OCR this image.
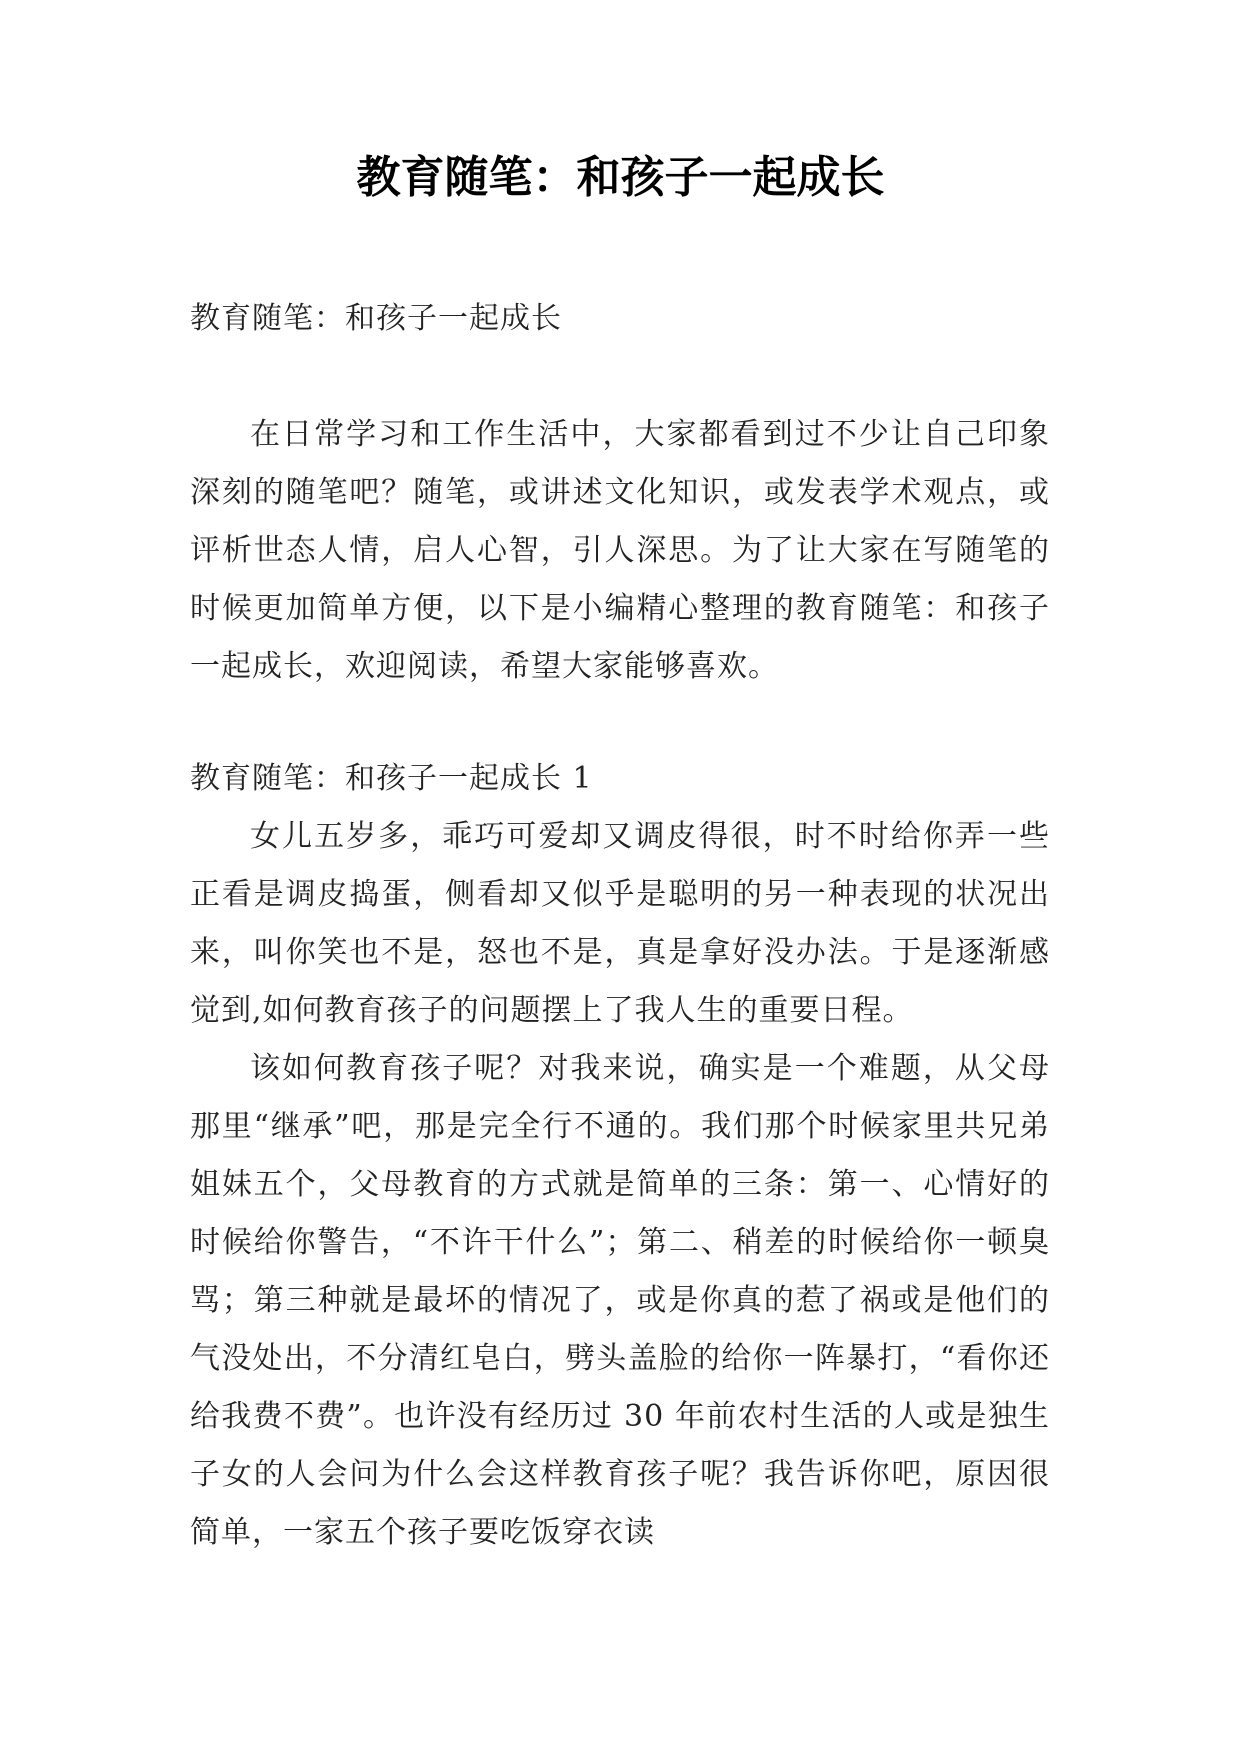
教育随笔：和孩子一起成长

教育随笔：和孩子一起成长

在日常学习和工作生活中，大家都看到过不少让自己印象深刻的随笔吧？随笔，或讲述文化知识，或发表学术观点，或评析世态人情，启人心智，引人深思。为了让大家在写随笔的时候更加简单方便，以下是小编精心整理的教育随笔：和孩子一起成长，欢迎阅读，希望大家能够喜欢。

教育随笔：和孩子一起成长 1

女儿五岁多，乖巧可爱却又调皮得很，时不时给你弄一些正看是调皮捣蛋，侧看却又似乎是聪明的另一种表现的状况出来，叫你笑也不是，怒也不是，真是拿好没办法。于是逐渐感觉到,如何教育孩子的问题摆上了我人生的重要日程。

该如何教育孩子呢？对我来说，确实是一个难题，从父母那里“继承”吧，那是完全行不通的。我们那个时候家里共兄弟姐妹五个，父母教育的方式就是简单的三条：第一、心情好的时候给你警告，“不许干什么”；第二、稍差的时候给你一顿臭骂；第三种就是最坏的情况了，或是你真的惹了祸或是他们的气没处出，不分清红皂白，劈头盖脸的给你一阵暴打，“看你还给我费不费”。也许没有经历过 30 年前农村生活的人或是独生子女的人会问为什么会这样教育孩子呢？我告诉你吧，原因很简单，一家五个孩子要吃饭穿衣读
